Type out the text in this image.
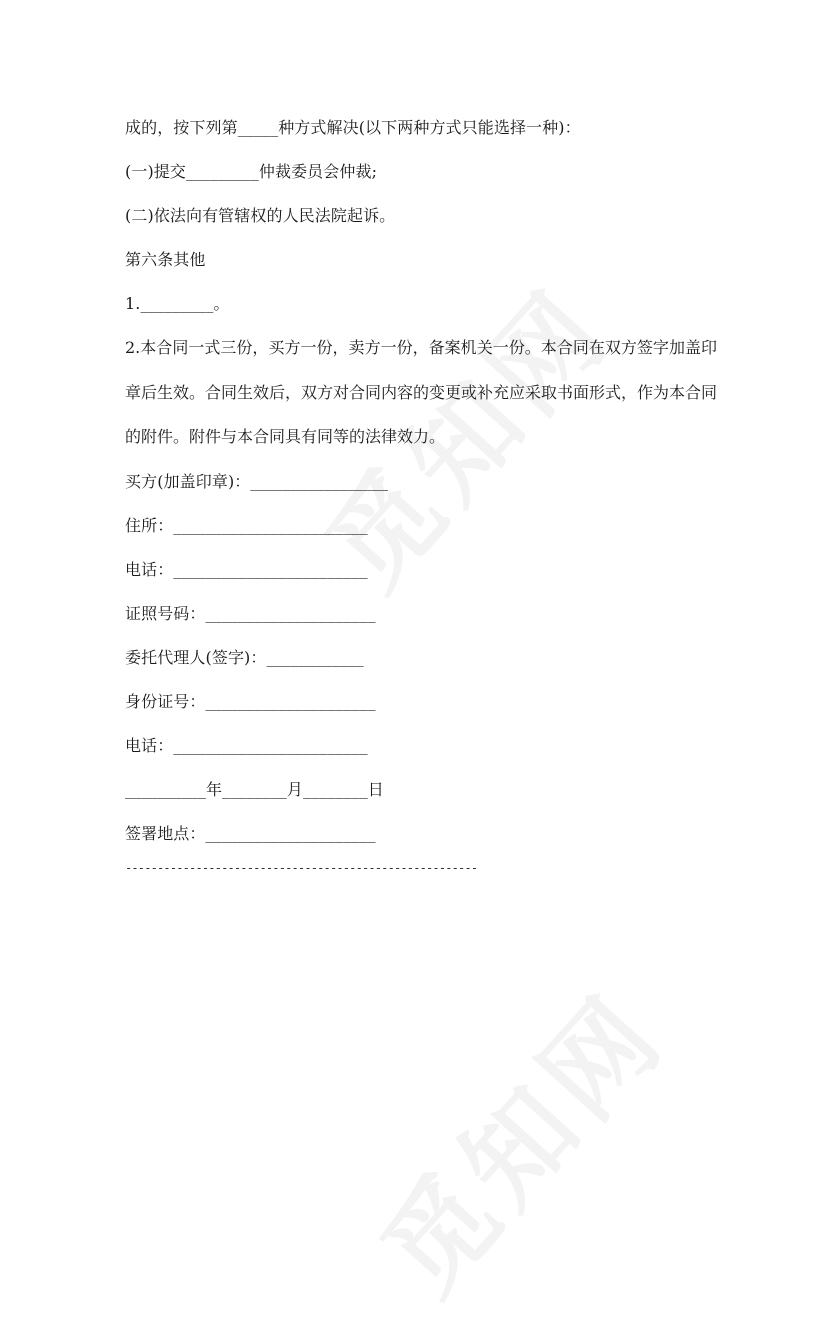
成的，按下列第_____种方式解决(以下两种方式只能选择一种)：
(一)提交_________仲裁委员会仲裁;
(二)依法向有管辖权的人民法院起诉。
第六条其他
1._________。
2.本合同一式三份，买方一份，卖方一份，备案机关一份。本合同在双方签字加盖印章后生效。合同生效后，双方对合同内容的变更或补充应采取书面形式，作为本合同的附件。附件与本合同具有同等的法律效力。
买方(加盖印章)：_________________
住所：________________________
电话：________________________
证照号码：_____________________
委托代理人(签字)：____________
身份证号：_____________________
电话：________________________
__________年________月________日
签署地点：_____________________
-------------------------------------------------------
